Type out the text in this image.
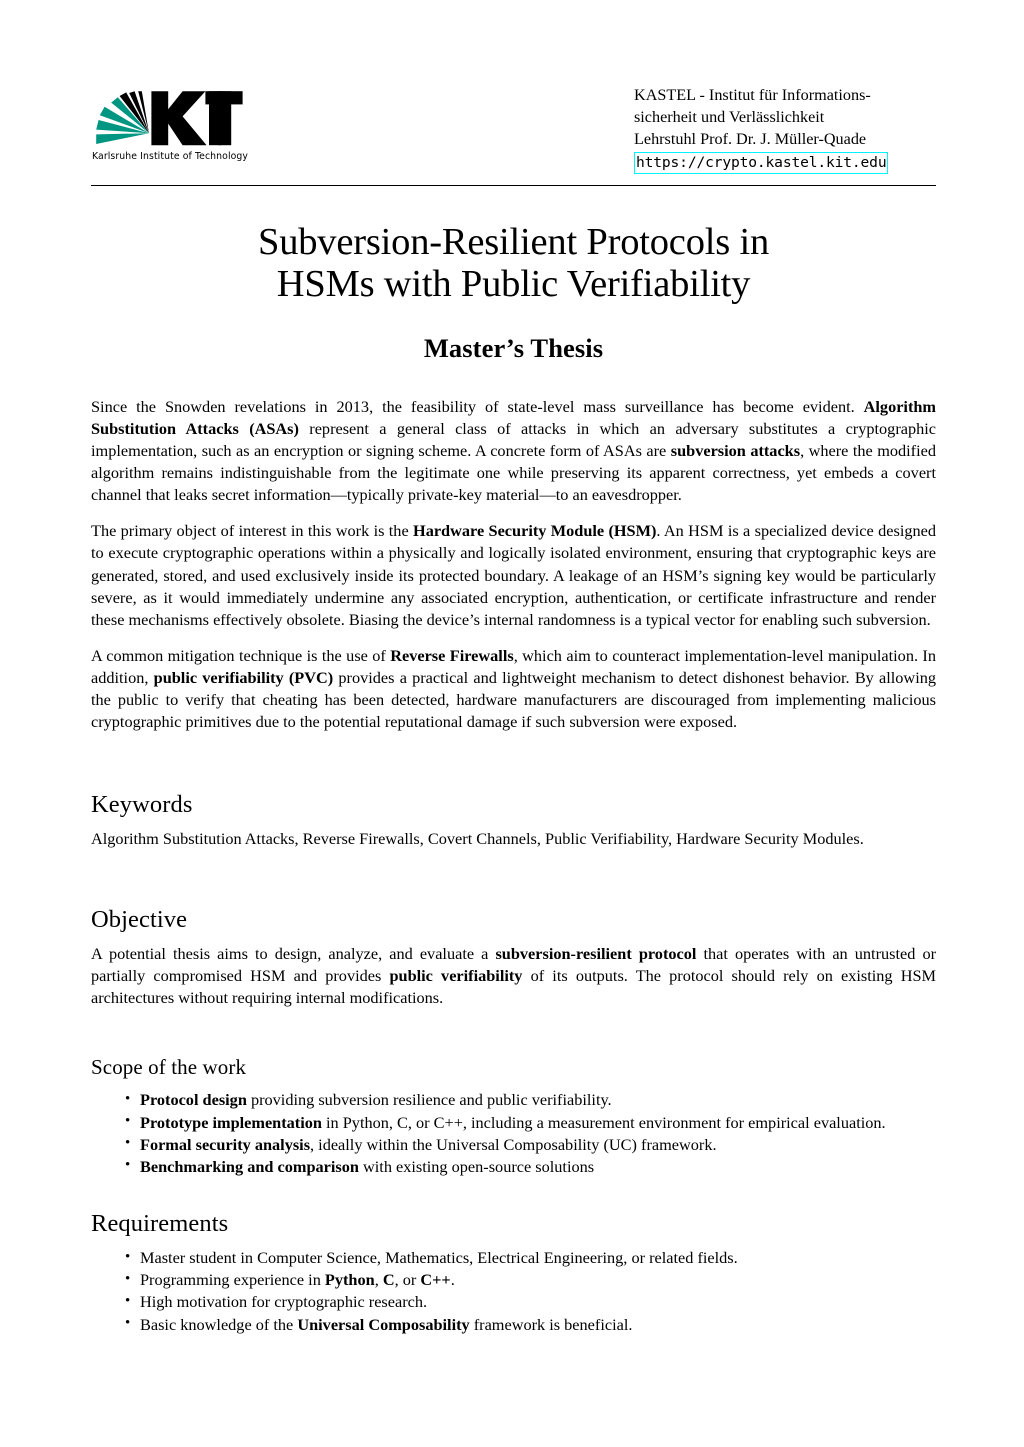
Karlsruhe Institute of Technology
KASTEL - Institut für Informations-
sicherheit und Verlässlichkeit
Lehrstuhl Prof. Dr. J. Müller-Quade
https://crypto.kastel.kit.edu
Subversion-Resilient Protocols in
HSMs with Public Verifiability
Master’s Thesis

Since the Snowden revelations in 2013, the feasibility of state-level mass surveillance has become evident. Algorithm Substitution Attacks (ASAs) represent a general class of attacks in which an adversary substitutes a cryptographic implementation, such as an encryption or signing scheme. A concrete form of ASAs are subversion attacks, where the modified algorithm remains indistinguishable from the legitimate one while preserving its apparent correctness, yet embeds a covert channel that leaks secret information—typically private-key material—to an eavesdropper.

The primary object of interest in this work is the Hardware Security Module (HSM). An HSM is a specialized device designed to execute cryptographic operations within a physically and logically isolated environment, ensuring that cryptographic keys are generated, stored, and used exclusively inside its protected boundary. A leakage of an HSM’s signing key would be particularly severe, as it would immediately undermine any associated encryption, authentication, or certificate infrastructure and render these mechanisms effectively obsolete. Biasing the device’s internal randomness is a typical vector for enabling such subversion.

A common mitigation technique is the use of Reverse Firewalls, which aim to counteract implementation-level manipulation. In addition, public verifiability (PVC) provides a practical and lightweight mechanism to detect dishonest behavior. By allowing the public to verify that cheating has been detected, hardware manufacturers are discouraged from implementing malicious cryptographic primitives due to the potential reputational damage if such subversion were exposed.

Keywords

Algorithm Substitution Attacks, Reverse Firewalls, Covert Channels, Public Verifiability, Hardware Security Modules.

Objective

A potential thesis aims to design, analyze, and evaluate a subversion-resilient protocol that operates with an untrusted or partially compromised HSM and provides public verifiability of its outputs. The protocol should rely on existing HSM architectures without requiring internal modifications.

Scope of the work
• Protocol design providing subversion resilience and public verifiability.
• Prototype implementation in Python, C, or C++, including a measurement environment for empirical evaluation.
• Formal security analysis, ideally within the Universal Composability (UC) framework.
• Benchmarking and comparison with existing open-source solutions
Requirements
• Master student in Computer Science, Mathematics, Electrical Engineering, or related fields.
• Programming experience in Python, C, or C++.
• High motivation for cryptographic research.
• Basic knowledge of the Universal Composability framework is beneficial.
